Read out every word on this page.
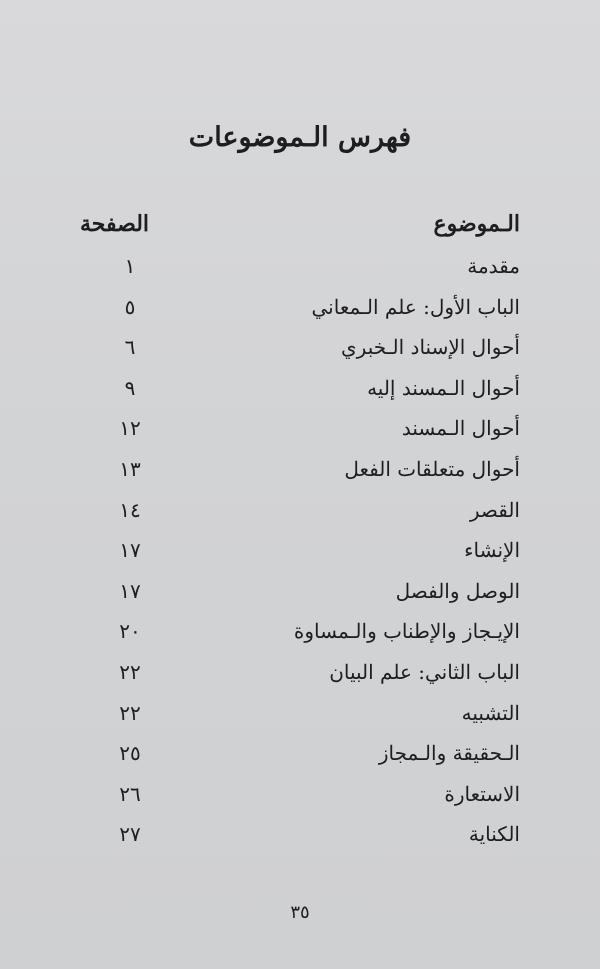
فهرس الـموضوعات
الـموضوع
الصفحة
مقدمة
١
الباب الأول: علم الـمعاني
٥
أحوال الإسناد الـخبري
٦
أحوال الـمسند إليه
٩
أحوال الـمسند
١٢
أحوال متعلقات الفعل
١٣
القصر
١٤
الإنشاء
١٧
الوصل والفصل
١٧
الإيـجاز والإطناب والـمساوة
٢٠
الباب الثاني: علم البيان
٢٢
التشبيه
٢٢
الـحقيقة والـمجاز
٢٥
الاستعارة
٢٦
الكناية
٢٧
٣٥
